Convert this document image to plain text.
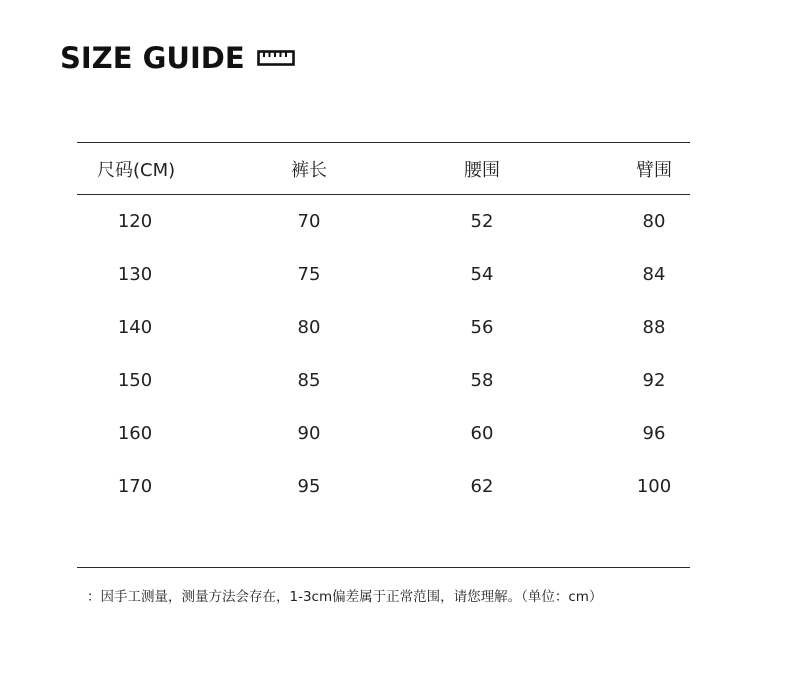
SIZE GUIDE
尺码(CM)	裤长	腰围	臂围
120	70	52	80
130	75	54	84
140	80	56	88
150	85	58	92
160	90	60	96
170	95	62	100
：因手工测量，测量方法会存在，1-3cm偏差属于正常范围，请您理解。（单位：cm）
